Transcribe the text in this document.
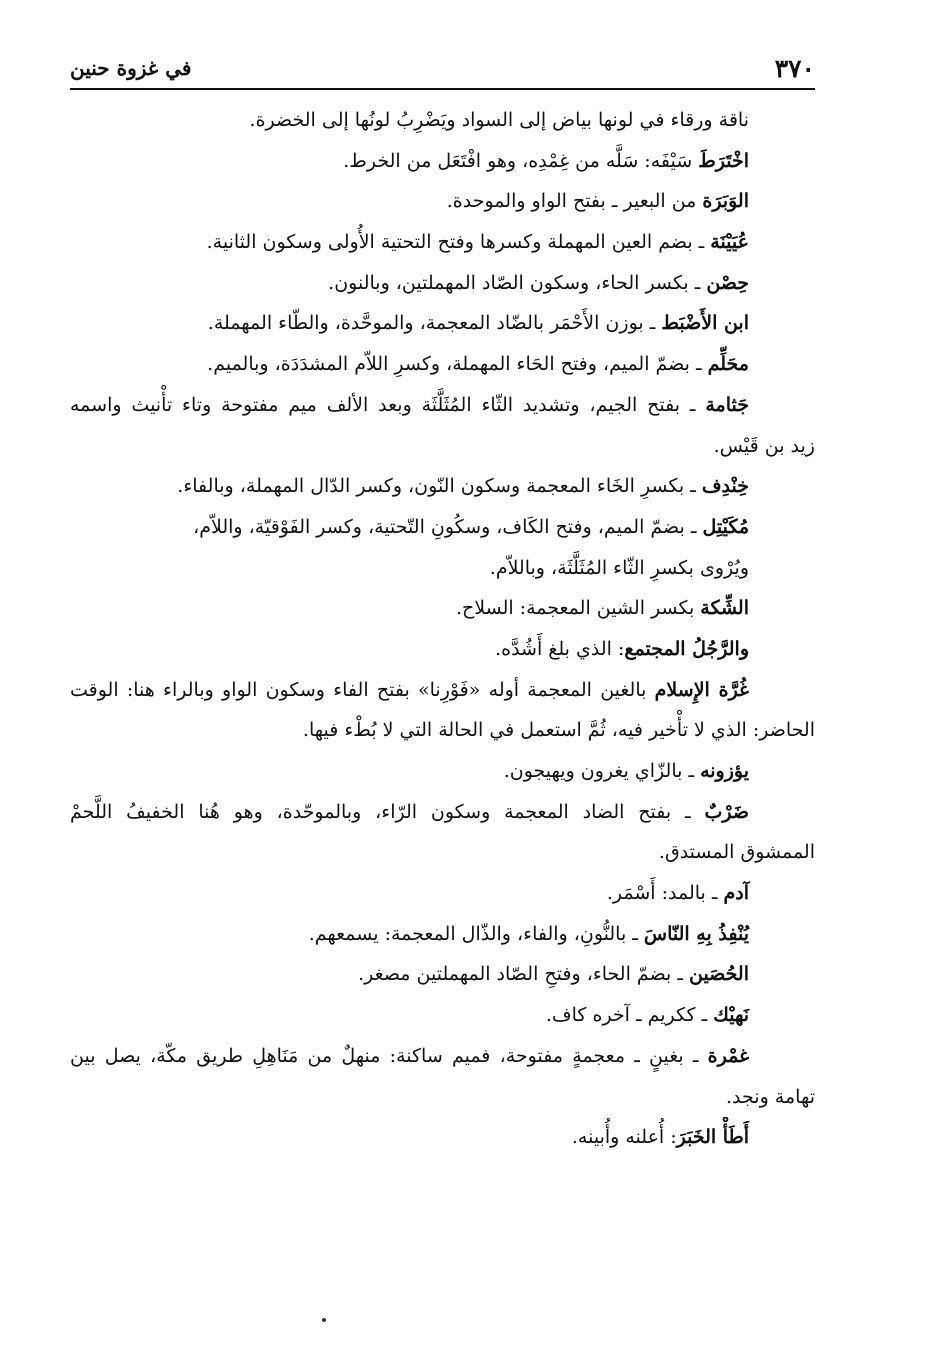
٣٧٠
في غزوة حنين
ناقة ورقاء في لونها بياض إلى السواد ويَضْرِبُ لونُها إلى الخضرة.
اخْتَرَطَ سَيْفَه: سَلَّه من غِمْدِه، وهو افْتَعَل من الخرط.
الوَبَرَة من البعير ـ بفتح الواو والموحدة.
عُيَيْنَة ـ بضم العين المهملة وكسرها وفتح التحتية الأُولى وسكون الثانية.
حِصْن ـ بكسر الحاء، وسكون الصّاد المهملتين، وبالنون.
ابن الأَضْبَط ـ بوزن الأَحْمَر بالضّاد المعجمة، والموحَّدة، والطّاء المهملة.
محَلِّم ـ بضمّ الميم، وفتح الحَاء المهملة، وكسرِ اللاّم المشدَدَة، وبالميم.
جَثامة ـ بفتح الجيم، وتشديد الثّاء المُثَلَّثَة وبعد الألف ميم مفتوحة وتاء تأْنيث واسمه
زيد بن قَيْس.
خِنْدِف ـ بكسرِ الخَاء المعجمة وسكون النّون، وكسر الدّال المهملة، وبالفاء.
مُكَيْتِل ـ بضمّ الميم، وفتح الكَاف، وسكُونِ التّحتية، وكسر الفَوْقيّة، واللاّم،
ويُرْوى بكسرِ الثّاء المُثَلَّثَة، وباللاّم.
الشِّكة بكسر الشين المعجمة: السلاح.
والرَّجُلُ المجتمع: الذي بلغ أَشُدَّه.
غُرَّة الإِسلام بالغين المعجمة أوله «فَوْرِنا» بفتح الفاء وسكون الواو وبالراء هنا: الوقت
الحاضر: الذي لا تأْخير فيه، ثُمَّ استعمل في الحالة التي لا بُطْء فيها.
يؤزونه ـ بالزّاي يغرون ويهيجون.
ضَرْبٌ ـ بفتح الضاد المعجمة وسكون الرّاء، وبالموحّدة، وهو هُنا الخفيفُ اللَّحمْ
الممشوق المستدق.
آدم ـ بالمد: أَسْمَر.
يُنْفِذُ بِهِ النّاسَ ـ بالنُّونِ، والفاء، والذّال المعجمة: يسمعهم.
الحُصَين ـ بضمّ الحاء، وفتحِ الصّاد المهملتين مصغر.
نَهيْك ـ ككريم ـ آخره كاف.
غمْرة ـ بغينٍ ـ معجمةٍ مفتوحة، فميم ساكنة: منهلٌ من مَنَاهِلِ طريق مكّة، يصل بين
تهامة ونجد.
أَطَأْ الخَبَرَ: أُعلنه وأُبينه.
